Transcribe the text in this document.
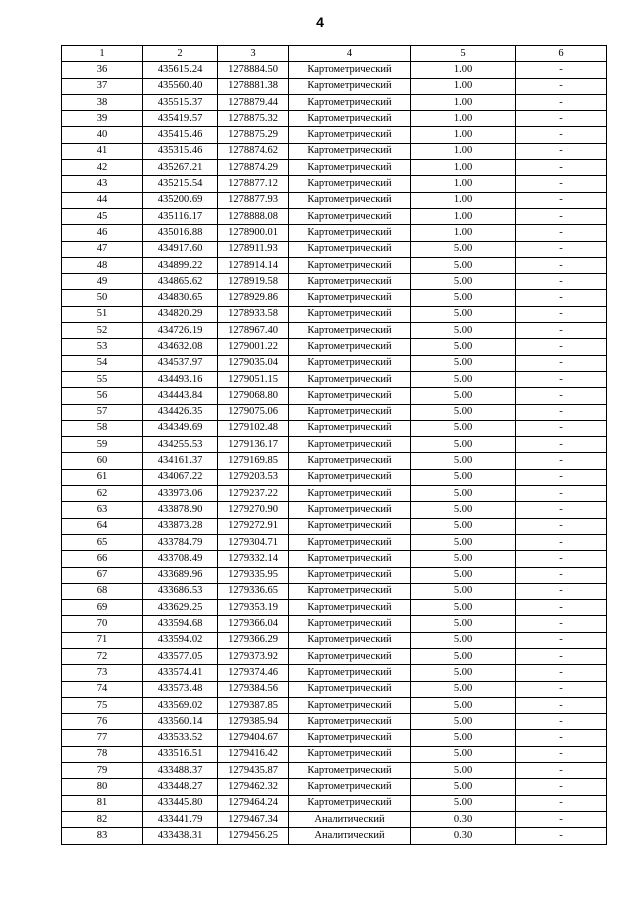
4
1	2	3	4	5	6
36	435615.24	1278884.50	Картометрический	1.00	-
37	435560.40	1278881.38	Картометрический	1.00	-
38	435515.37	1278879.44	Картометрический	1.00	-
39	435419.57	1278875.32	Картометрический	1.00	-
40	435415.46	1278875.29	Картометрический	1.00	-
41	435315.46	1278874.62	Картометрический	1.00	-
42	435267.21	1278874.29	Картометрический	1.00	-
43	435215.54	1278877.12	Картометрический	1.00	-
44	435200.69	1278877.93	Картометрический	1.00	-
45	435116.17	1278888.08	Картометрический	1.00	-
46	435016.88	1278900.01	Картометрический	1.00	-
47	434917.60	1278911.93	Картометрический	5.00	-
48	434899.22	1278914.14	Картометрический	5.00	-
49	434865.62	1278919.58	Картометрический	5.00	-
50	434830.65	1278929.86	Картометрический	5.00	-
51	434820.29	1278933.58	Картометрический	5.00	-
52	434726.19	1278967.40	Картометрический	5.00	-
53	434632.08	1279001.22	Картометрический	5.00	-
54	434537.97	1279035.04	Картометрический	5.00	-
55	434493.16	1279051.15	Картометрический	5.00	-
56	434443.84	1279068.80	Картометрический	5.00	-
57	434426.35	1279075.06	Картометрический	5.00	-
58	434349.69	1279102.48	Картометрический	5.00	-
59	434255.53	1279136.17	Картометрический	5.00	-
60	434161.37	1279169.85	Картометрический	5.00	-
61	434067.22	1279203.53	Картометрический	5.00	-
62	433973.06	1279237.22	Картометрический	5.00	-
63	433878.90	1279270.90	Картометрический	5.00	-
64	433873.28	1279272.91	Картометрический	5.00	-
65	433784.79	1279304.71	Картометрический	5.00	-
66	433708.49	1279332.14	Картометрический	5.00	-
67	433689.96	1279335.95	Картометрический	5.00	-
68	433686.53	1279336.65	Картометрический	5.00	-
69	433629.25	1279353.19	Картометрический	5.00	-
70	433594.68	1279366.04	Картометрический	5.00	-
71	433594.02	1279366.29	Картометрический	5.00	-
72	433577.05	1279373.92	Картометрический	5.00	-
73	433574.41	1279374.46	Картометрический	5.00	-
74	433573.48	1279384.56	Картометрический	5.00	-
75	433569.02	1279387.85	Картометрический	5.00	-
76	433560.14	1279385.94	Картометрический	5.00	-
77	433533.52	1279404.67	Картометрический	5.00	-
78	433516.51	1279416.42	Картометрический	5.00	-
79	433488.37	1279435.87	Картометрический	5.00	-
80	433448.27	1279462.32	Картометрический	5.00	-
81	433445.80	1279464.24	Картометрический	5.00	-
82	433441.79	1279467.34	Аналитический	0.30	-
83	433438.31	1279456.25	Аналитический	0.30	-
